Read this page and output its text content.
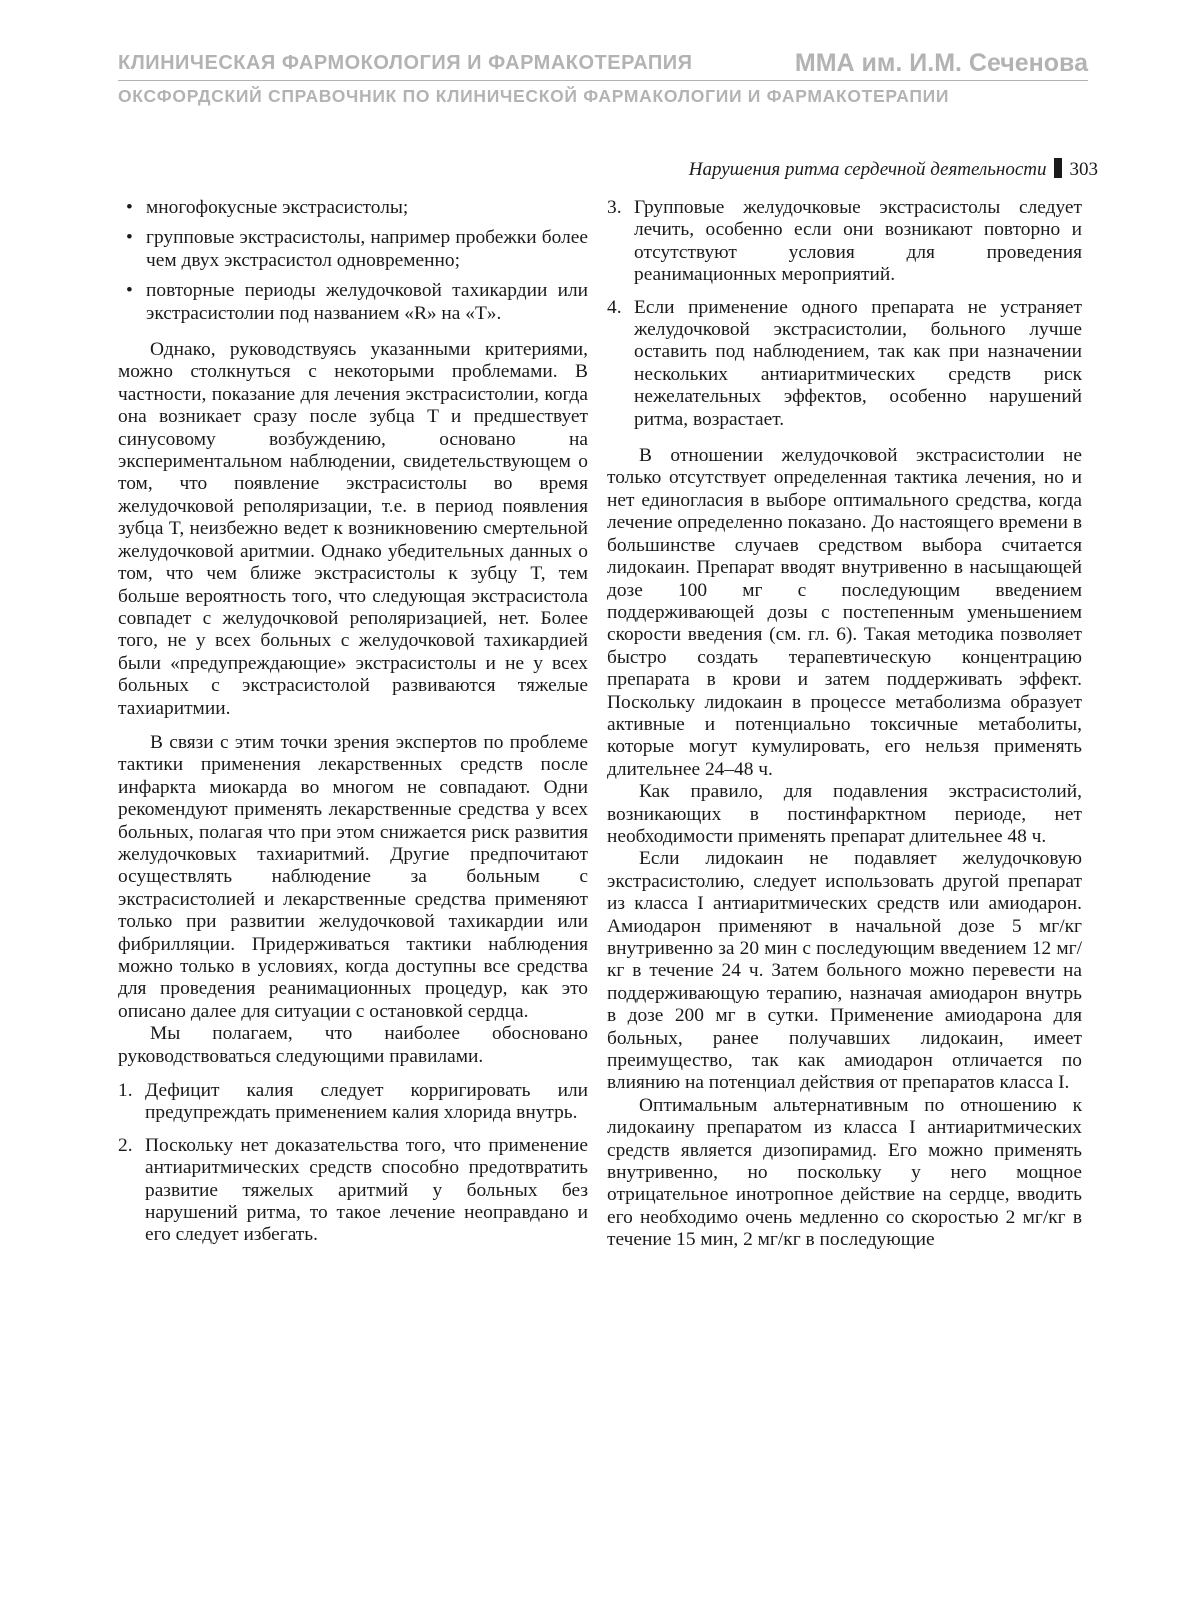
КЛИНИЧЕСКАЯ ФАРМОКОЛОГИЯ И ФАРМАКОТЕРАПИЯ	ММА им. И.М. Сеченова
ОКСФОРДСКИЙ СПРАВОЧНИК ПО КЛИНИЧЕСКОЙ ФАРМАКОЛОГИИ И ФАРМАКОТЕРАПИИ
Нарушения ритма сердечной деятельности 303
• многофокусные экстрасистолы;
• групповые экстрасистолы, например пробежки более чем двух экстрасистол одновременно;
• повторные периоды желудочковой тахикардии или экстрасистолии под названием «R» на «T».

Однако, руководствуясь указанными критериями, можно столкнуться с некоторыми проблемами. В частности, показание для лечения экстрасистолии, когда она возникает сразу после зубца T и предшествует синусовому возбуждению, основано на экспериментальном наблюдении, свидетельствующем о том, что появление экстрасистолы во время желудочковой реполяризации, т.е. в период появления зубца T, неизбежно ведет к возникновению смертельной желудочковой аритмии. Однако убедительных данных о том, что чем ближе экстрасистолы к зубцу T, тем больше вероятность того, что следующая экстрасистола совпадет с желудочковой реполяризацией, нет. Более того, не у всех больных с желудочковой тахикардией были «предупреждающие» экстрасистолы и не у всех больных с экстрасистолой развиваются тяжелые тахиаритмии.

В связи с этим точки зрения экспертов по проблеме тактики применения лекарственных средств после инфаркта миокарда во многом не совпадают. Одни рекомендуют применять лекарственные средства у всех больных, полагая что при этом снижается риск развития желудочковых тахиаритмий. Другие предпочитают осуществлять наблюдение за больным с экстрасистолией и лекарственные средства применяют только при развитии желудочковой тахикардии или фибрилляции. Придерживаться тактики наблюдения можно только в условиях, когда доступны все средства для проведения реанимационных процедур, как это описано далее для ситуации с остановкой сердца.

Мы полагаем, что наиболее обосновано руководствоваться следующими правилами.

1. Дефицит калия следует корригировать или предупреждать применением калия хлорида внутрь.
2. Поскольку нет доказательства того, что применение антиаритмических средств способно предотвратить развитие тяжелых аритмий у больных без нарушений ритма, то такое лечение неоправдано и его следует избегать.
3. Групповые желудочковые экстрасистолы следует лечить, особенно если они возникают повторно и отсутствуют условия для проведения реанимационных мероприятий.
4. Если применение одного препарата не устраняет желудочковой экстрасистолии, больного лучше оставить под наблюдением, так как при назначении нескольких антиаритмических средств риск нежелательных эффектов, особенно нарушений ритма, возрастает.

В отношении желудочковой экстрасистолии не только отсутствует определенная тактика лечения, но и нет единогласия в выборе оптимального средства, когда лечение определенно показано. До настоящего времени в большинстве случаев средством выбора считается лидокаин. Препарат вводят внутривенно в насыщающей дозе 100 мг с последующим введением поддерживающей дозы с постепенным уменьшением скорости введения (см. гл. 6). Такая методика позволяет быстро создать терапевтическую концентрацию препарата в крови и затем поддерживать эффект. Поскольку лидокаин в процессе метаболизма образует активные и потенциально токсичные метаболиты, которые могут кумулировать, его нельзя применять длительнее 24–48 ч.

Как правило, для подавления экстрасистолий, возникающих в постинфарктном периоде, нет необходимости применять препарат длительнее 48 ч.

Если лидокаин не подавляет желудочковую экстрасистолию, следует использовать другой препарат из класса I антиаритмических средств или амиодарон. Амиодарон применяют в начальной дозе 5 мг/кг внутривенно за 20 мин с последующим введением 12 мг/кг в течение 24 ч. Затем больного можно перевести на поддерживающую терапию, назначая амиодарон внутрь в дозе 200 мг в сутки. Применение амиодарона для больных, ранее получавших лидокаин, имеет преимущество, так как амиодарон отличается по влиянию на потенциал действия от препаратов класса I.

Оптимальным альтернативным по отношению к лидокаину препаратом из класса I антиаритмических средств является дизопирамид. Его можно применять внутривенно, но поскольку у него мощное отрицательное инотропное действие на сердце, вводить его необходимо очень медленно со скоростью 2 мг/кг в течение 15 мин, 2 мг/кг в последующие
